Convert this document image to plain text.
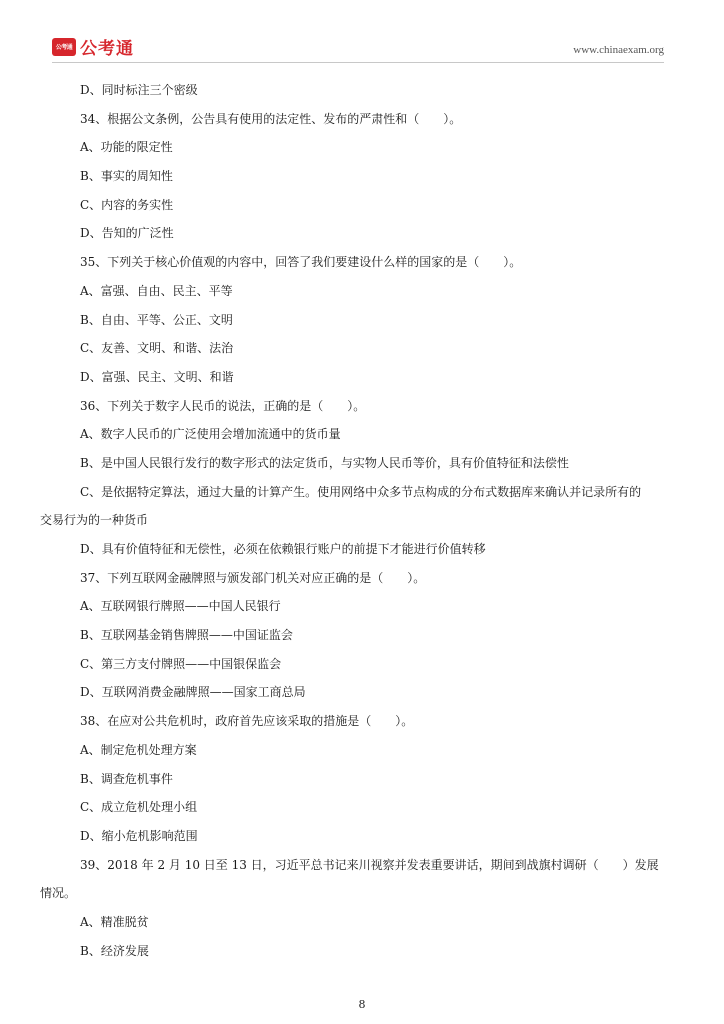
公考通 公考通	www.chinaexam.org
D、同时标注三个密级
34、根据公文条例，公告具有使用的法定性、发布的严肃性和（　　）。
A、功能的限定性
B、事实的周知性
C、内容的务实性
D、告知的广泛性
35、下列关于核心价值观的内容中，回答了我们要建设什么样的国家的是（　　）。
A、富强、自由、民主、平等
B、自由、平等、公正、文明
C、友善、文明、和谐、法治
D、富强、民主、文明、和谐
36、下列关于数字人民币的说法，正确的是（　　）。
A、数字人民币的广泛使用会增加流通中的货币量
B、是中国人民银行发行的数字形式的法定货币，与实物人民币等价，具有价值特征和法偿性
C、是依据特定算法，通过大量的计算产生。使用网络中众多节点构成的分布式数据库来确认并记录所有的
交易行为的一种货币
D、具有价值特征和无偿性，必须在依赖银行账户的前提下才能进行价值转移
37、下列互联网金融牌照与颁发部门机关对应正确的是（　　）。
A、互联网银行牌照——中国人民银行
B、互联网基金销售牌照——中国证监会
C、第三方支付牌照——中国银保监会
D、互联网消费金融牌照——国家工商总局
38、在应对公共危机时，政府首先应该采取的措施是（　　）。
A、制定危机处理方案
B、调查危机事件
C、成立危机处理小组
D、缩小危机影响范围
39、2018 年 2 月 10 日至 13 日，习近平总书记来川视察并发表重要讲话，期间到战旗村调研（　　）发展
情况。
A、精准脱贫
B、经济发展
8
